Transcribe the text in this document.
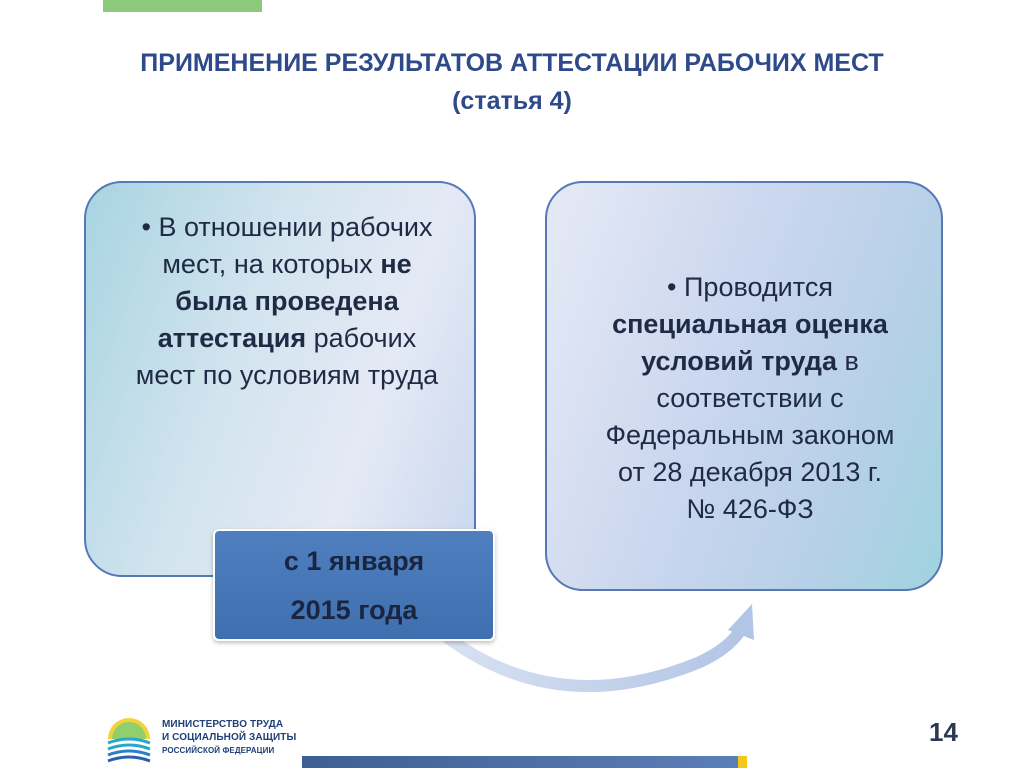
ПРИМЕНЕНИЕ РЕЗУЛЬТАТОВ АТТЕСТАЦИИ РАБОЧИХ МЕСТ
(статья 4)
• В отношении рабочих мест, на которых не была проведена аттестация рабочих мест по условиям труда
• Проводится
специальная оценка условий труда в соответствии с Федеральным законом
от 28 декабря 2013 г.
№ 426-ФЗ
с 1 января
2015 года
МИНИСТЕРСТВО ТРУДА
И СОЦИАЛЬНОЙ ЗАЩИТЫ
РОССИЙСКОЙ ФЕДЕРАЦИИ
14
